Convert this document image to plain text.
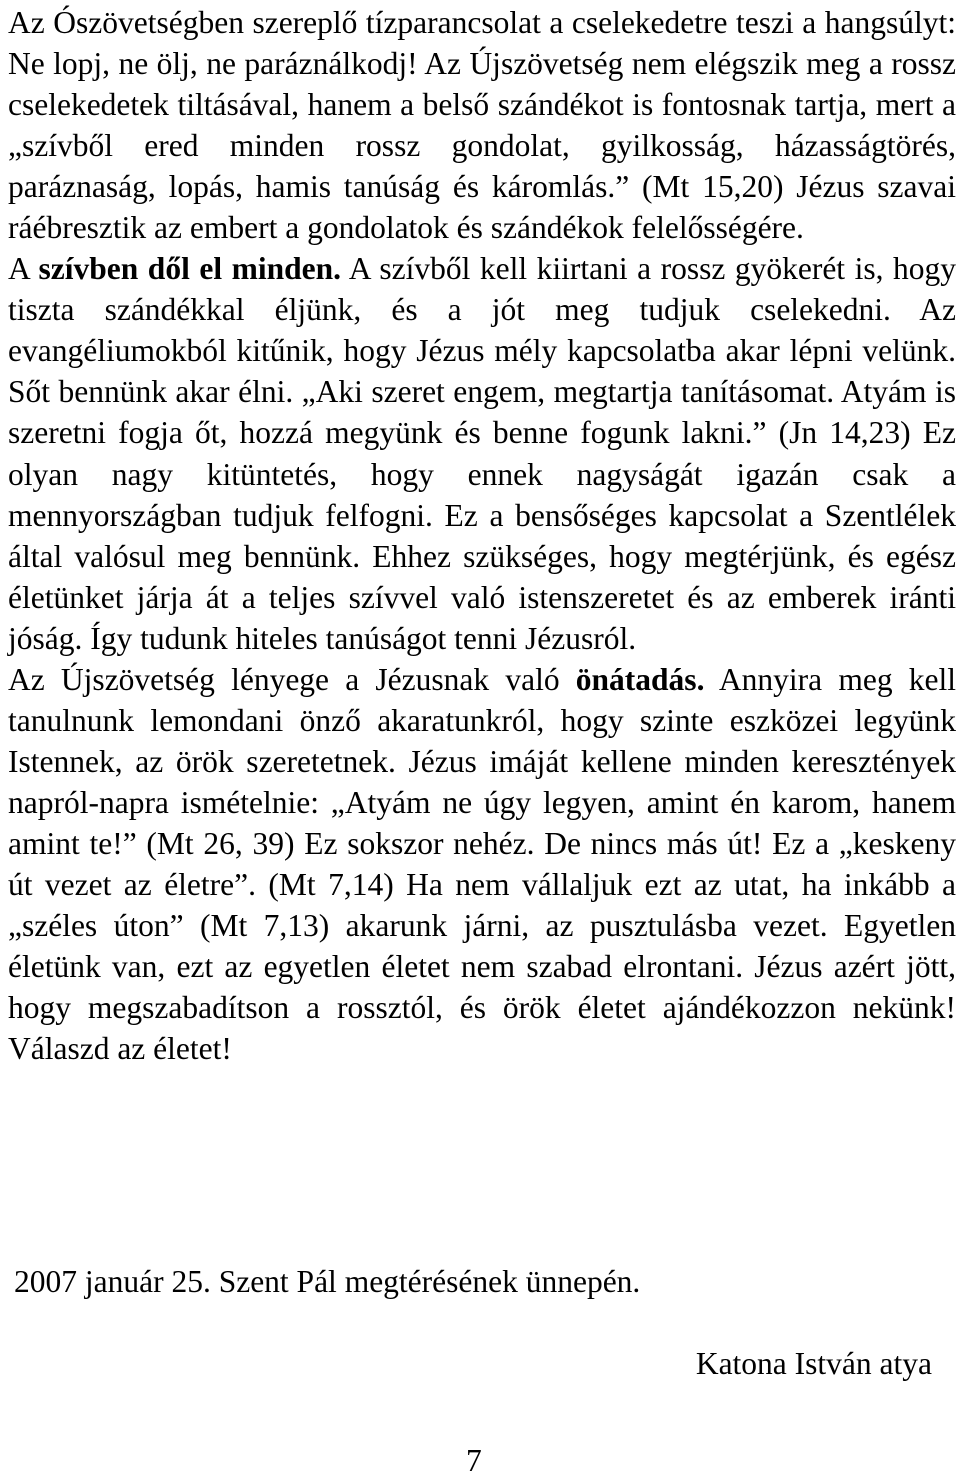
Az Ószövetségben szereplő tízparancsolat a cselekedetre teszi a hangsúlyt: Ne lopj, ne ölj, ne paráználkodj! Az Újszövetség nem elégszik meg a rossz cselekedetek tiltásával, hanem a belső szándékot is fontosnak tartja, mert a „szívből ered minden rossz gondolat, gyilkosság, házasságtörés, paráznaság, lopás, hamis tanúság és káromlás.” (Mt 15,20) Jézus szavai ráébresztik az embert a gondolatok és szándékok felelősségére.

A szívben dől el minden. A szívből kell kiirtani a rossz gyökerét is, hogy tiszta szándékkal éljünk, és a jót meg tudjuk cselekedni. Az evangéliumokból kitűnik, hogy Jézus mély kapcsolatba akar lépni velünk. Sőt bennünk akar élni. „Aki szeret engem, megtartja tanításomat. Atyám is szeretni fogja őt, hozzá megyünk és benne fogunk lakni.” (Jn 14,23) Ez olyan nagy kitüntetés, hogy ennek nagyságát igazán csak a mennyországban tudjuk felfogni. Ez a bensőséges kapcsolat a Szentlélek által valósul meg bennünk. Ehhez szükséges, hogy megtérjünk, és egész életünket járja át a teljes szívvel való istenszeretet és az emberek iránti jóság. Így tudunk hiteles tanúságot tenni Jézusról.

Az Újszövetség lényege a Jézusnak való önátadás. Annyira meg kell tanulnunk lemondani önző akaratunkról, hogy szinte eszközei legyünk Istennek, az örök szeretetnek. Jézus imáját kellene minden keresztények napról-napra ismételnie: „Atyám ne úgy legyen, amint én karom, hanem amint te!” (Mt 26, 39) Ez sokszor nehéz. De nincs más út! Ez a „keskeny út vezet az életre”. (Mt 7,14) Ha nem vállaljuk ezt az utat, ha inkább a „széles úton” (Mt 7,13) akarunk járni, az pusztulásba vezet. Egyetlen életünk van, ezt az egyetlen életet nem szabad elrontani. Jézus azért jött, hogy megszabadítson a rossztól, és örök életet ajándékozzon nekünk! Válaszd az életet!

2007 január 25. Szent Pál megtérésének ünnepén.

Katona István atya

7
